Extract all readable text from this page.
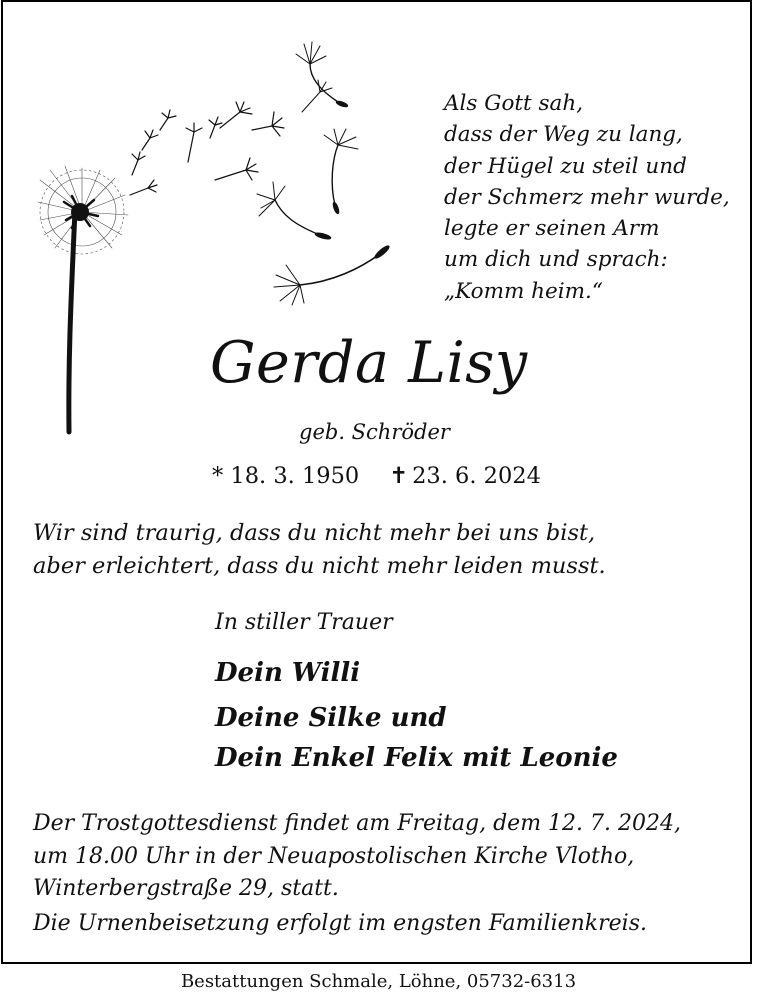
Als Gott sah,
dass der Weg zu lang,
der Hügel zu steil und
der Schmerz mehr wurde,
legte er seinen Arm
um dich und sprach:
„Komm heim.“
Gerda Lisy
geb. Schröder
* 18. 3. 1950 ✝ 23. 6. 2024
Wir sind traurig, dass du nicht mehr bei uns bist,
aber erleichtert, dass du nicht mehr leiden musst.
In stiller Trauer
Dein Willi
Deine Silke und
Dein Enkel Felix mit Leonie
Der Trostgottesdienst findet am Freitag, dem 12. 7. 2024,
um 18.00 Uhr in der Neuapostolischen Kirche Vlotho,
Winterbergstraße 29, statt.
Die Urnenbeisetzung erfolgt im engsten Familienkreis.
Bestattungen Schmale, Löhne, 05732-6313
